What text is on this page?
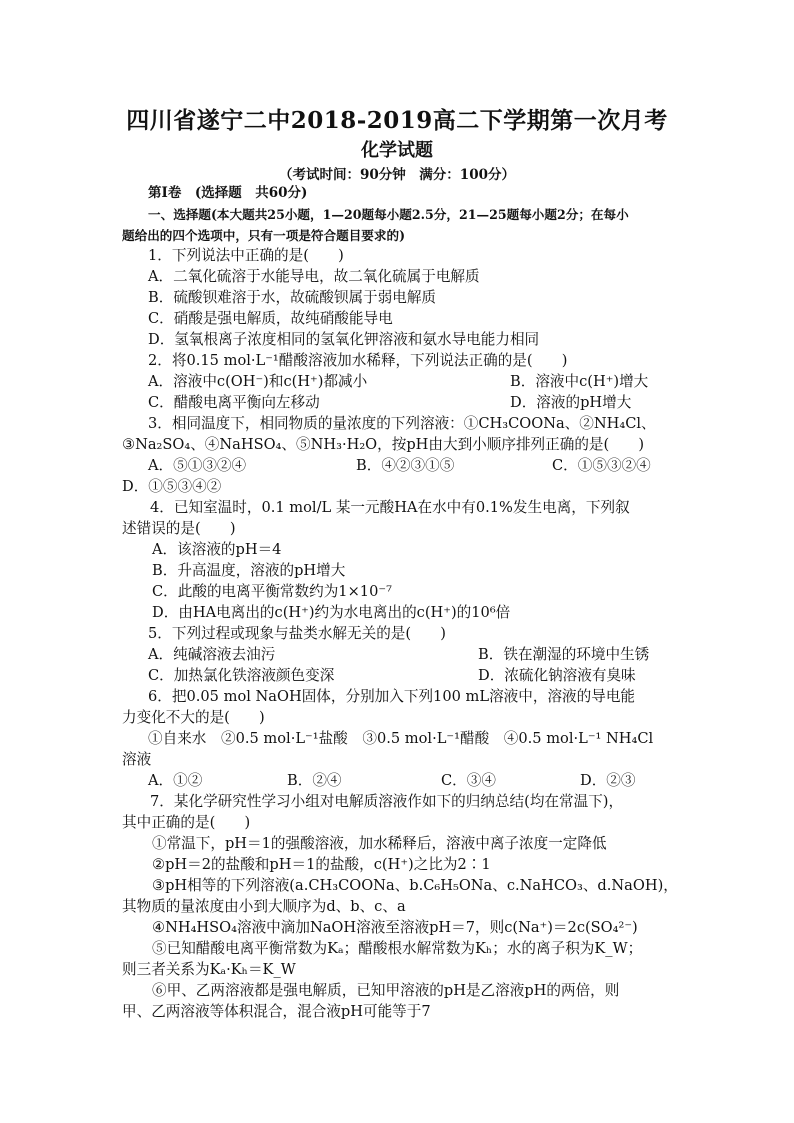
四川省遂宁二中2018-2019高二下学期第一次月考
化学试题
（考试时间：90分钟　满分：100分）
第Ⅰ卷　(选择题　共60分)
一、选择题(本大题共25小题，1—20题每小题2.5分，21—25题每小题2分；在每小
题给出的四个选项中，只有一项是符合题目要求的)
1．下列说法中正确的是(　　)
A．二氧化硫溶于水能导电，故二氧化硫属于电解质
B．硫酸钡难溶于水，故硫酸钡属于弱电解质
C．硝酸是强电解质，故纯硝酸能导电
D．氢氧根离子浓度相同的氢氧化钾溶液和氨水导电能力相同
2．将0.15 mol·L⁻¹醋酸溶液加水稀释，下列说法正确的是(　　)
A．溶液中c(OH⁻)和c(H⁺)都减小	B．溶液中c(H⁺)增大
C．醋酸电离平衡向左移动	D．溶液的pH增大
3．相同温度下，相同物质的量浓度的下列溶液：①CH₃COONa、②NH₄Cl、
③Na₂SO₄、④NaHSO₄、⑤NH₃·H₂O，按pH由大到小顺序排列正确的是(　　)
A．⑤①③②④	B．④②③①⑤	C．①⑤③②④
D．①⑤③④②
4．已知室温时，0.1 mol/L 某一元酸HA在水中有0.1%发生电离，下列叙
述错误的是(　　)
A．该溶液的pH＝4
B．升高温度，溶液的pH增大
C．此酸的电离平衡常数约为1×10⁻⁷
D．由HA电离出的c(H⁺)约为水电离出的c(H⁺)的10⁶倍
5．下列过程或现象与盐类水解无关的是(　　)
A．纯碱溶液去油污	B．铁在潮湿的环境中生锈
C．加热氯化铁溶液颜色变深	D．浓硫化钠溶液有臭味
6．把0.05 mol NaOH固体，分别加入下列100 mL溶液中，溶液的导电能
力变化不大的是(　　)
①自来水　②0.5 mol·L⁻¹盐酸　③0.5 mol·L⁻¹醋酸　④0.5 mol·L⁻¹ NH₄Cl
溶液
A．①②	B．②④	C．③④	D．②③
7．某化学研究性学习小组对电解质溶液作如下的归纳总结(均在常温下)，
其中正确的是(　　)
①常温下，pH＝1的强酸溶液，加水稀释后，溶液中离子浓度一定降低
②pH＝2的盐酸和pH＝1的盐酸，c(H⁺)之比为2∶1
③pH相等的下列溶液(a.CH₃COONa、b.C₆H₅ONa、c.NaHCO₃、d.NaOH)，
其物质的量浓度由小到大顺序为d、b、c、a
④NH₄HSO₄溶液中滴加NaOH溶液至溶液pH＝7，则c(Na⁺)＝2c(SO₄²⁻)
⑤已知醋酸电离平衡常数为Kₐ；醋酸根水解常数为Kₕ；水的离子积为K_W；
则三者关系为Kₐ·Kₕ＝K_W
⑥甲、乙两溶液都是强电解质，已知甲溶液的pH是乙溶液pH的两倍，则
甲、乙两溶液等体积混合，混合液pH可能等于7
